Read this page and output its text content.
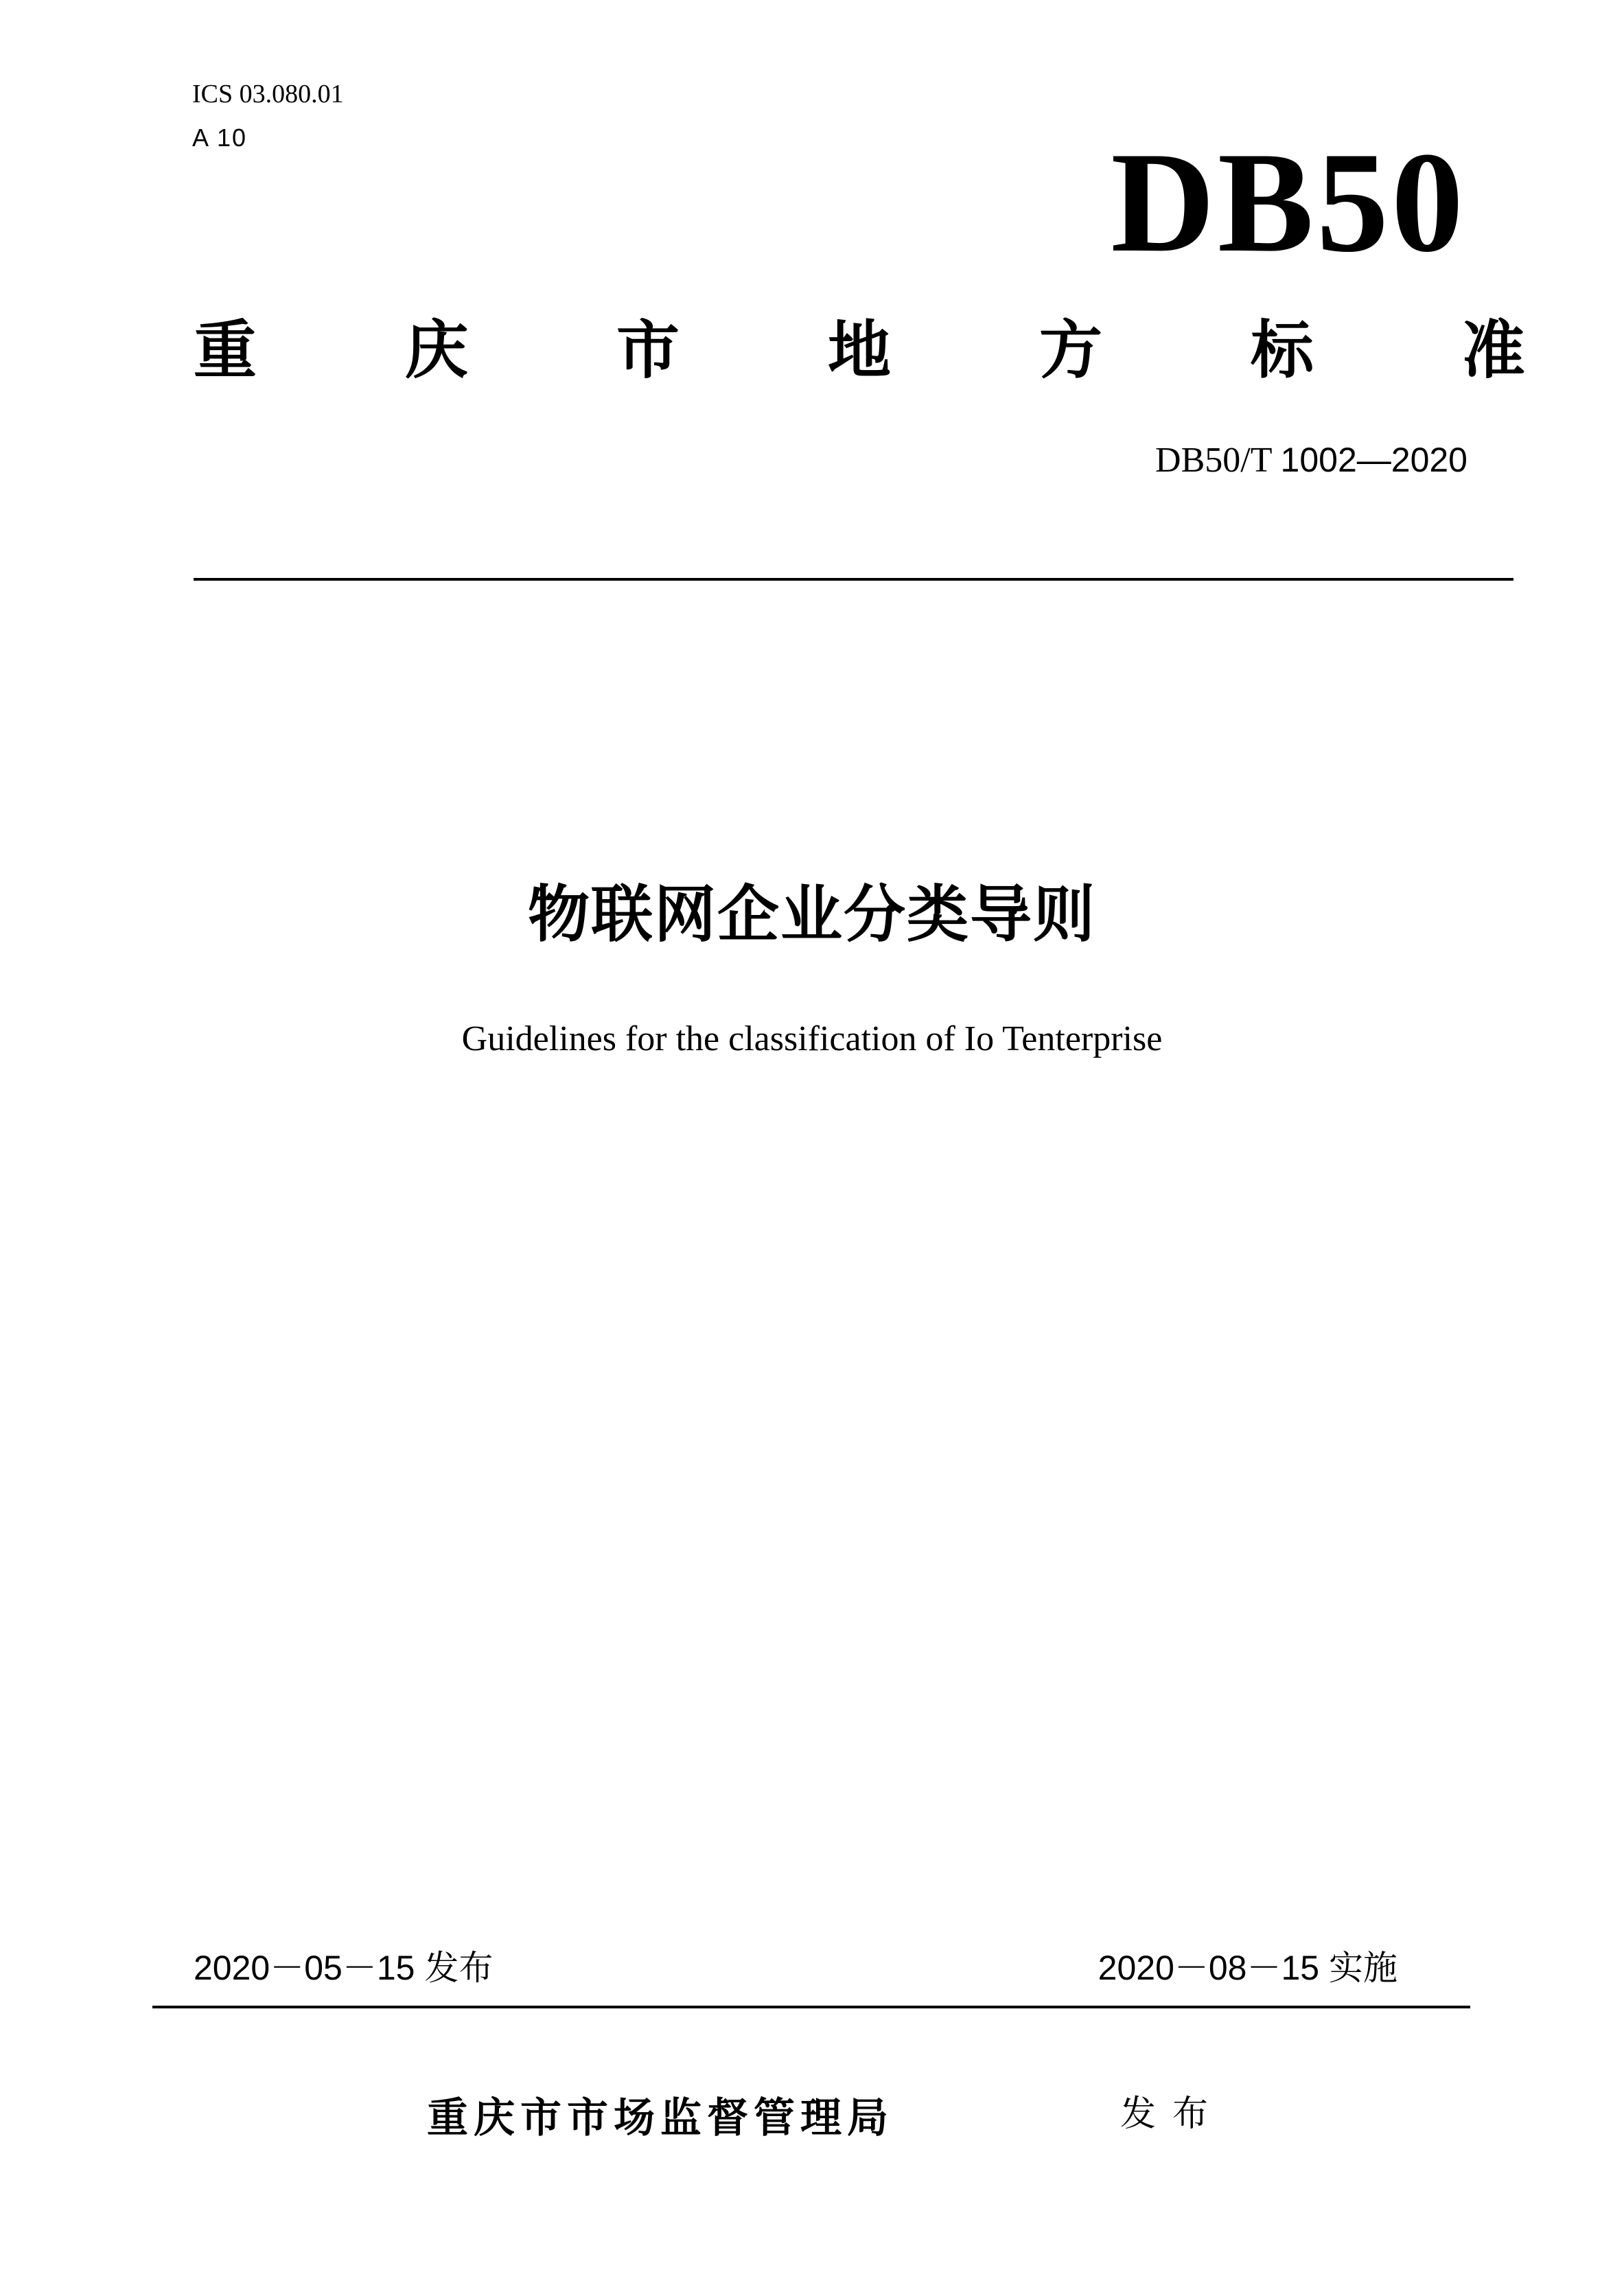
ICS 03.080.01
A 10	DB50
重 庆 市 地 方 标 准
DB50/T 1002—2020
物联网企业分类导则
Guidelines for the classification of Io Tenterprise
2020－05－15 发布	2020－08－15 实施
重庆市市场监督管理局	发布
